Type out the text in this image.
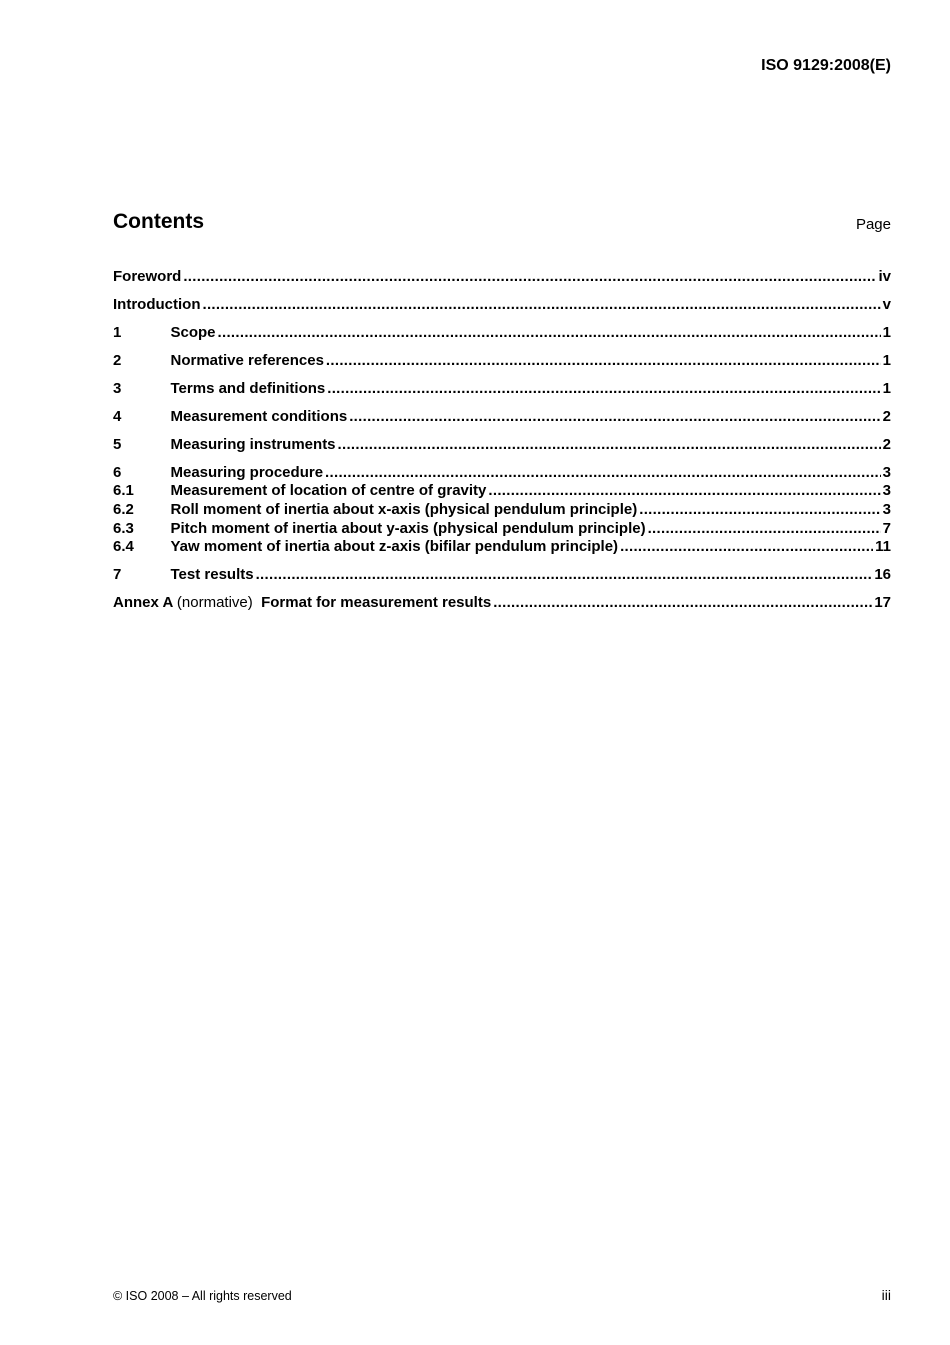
ISO 9129:2008(E)
Contents	Page
Foreword .....	iv
Introduction .....	v
1	Scope .....	1
2	Normative references .....	1
3	Terms and definitions .....	1
4	Measurement conditions .....	2
5	Measuring instruments .....	2
6	Measuring procedure .....	3
6.1	Measurement of location of centre of gravity .....	3
6.2	Roll moment of inertia about x-axis (physical pendulum principle) .....	3
6.3	Pitch moment of inertia about y-axis (physical pendulum principle) .....	7
6.4	Yaw moment of inertia about z-axis (bifilar pendulum principle) .....	11
7	Test results .....	16
Annex A (normative) Format for measurement results .....	17
© ISO 2008 – All rights reserved	iii
